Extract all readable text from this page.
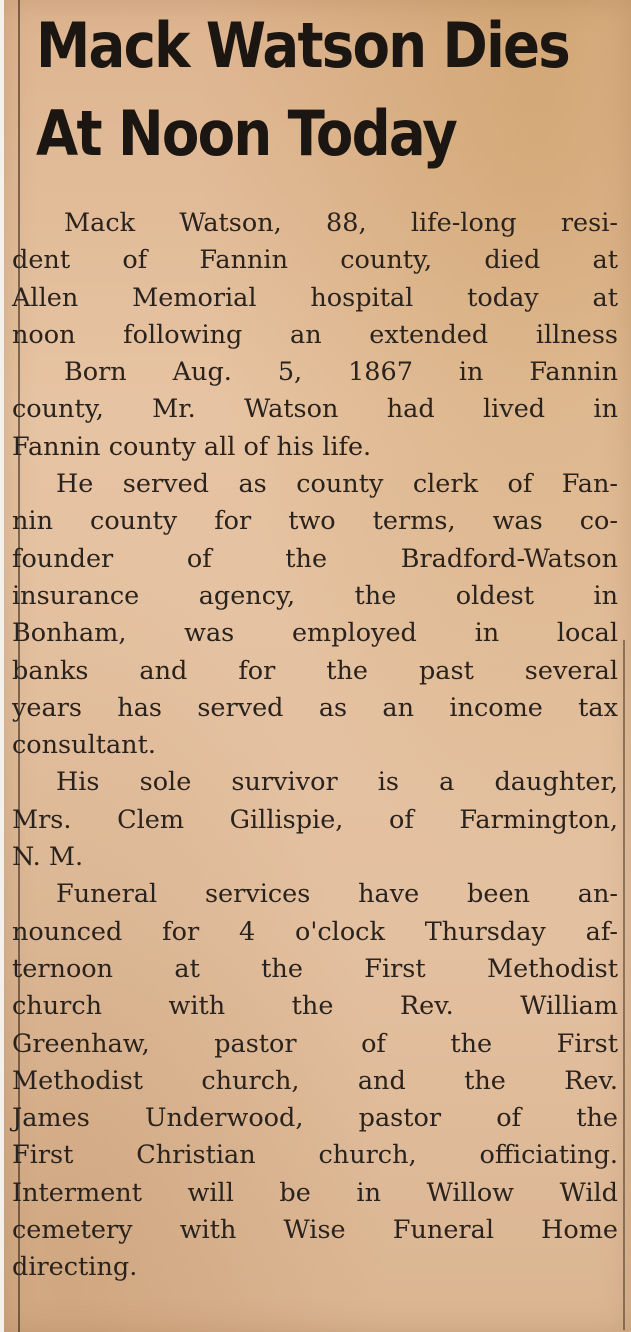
Mack Watson Dies
At Noon Today
Mack Watson, 88, life-long resi-
dent of Fannin county, died at
Allen Memorial hospital today at
noon following an extended illness
Born Aug. 5, 1867 in Fannin
county, Mr. Watson had lived in
Fannin county all of his life.
He served as county clerk of Fan-
nin county for two terms, was co-
founder of the Bradford-Watson
insurance agency, the oldest in
Bonham, was employed in local
banks and for the past several
years has served as an income tax
consultant.
His sole survivor is a daughter,
Mrs. Clem Gillispie, of Farmington,
N. M.
Funeral services have been an-
nounced for 4 o'clock Thursday af-
ternoon at the First Methodist
church with the Rev. William
Greenhaw, pastor of the First
Methodist church, and the Rev.
James Underwood, pastor of the
First Christian church, officiating.
Interment will be in Willow Wild
cemetery with Wise Funeral Home
directing.
